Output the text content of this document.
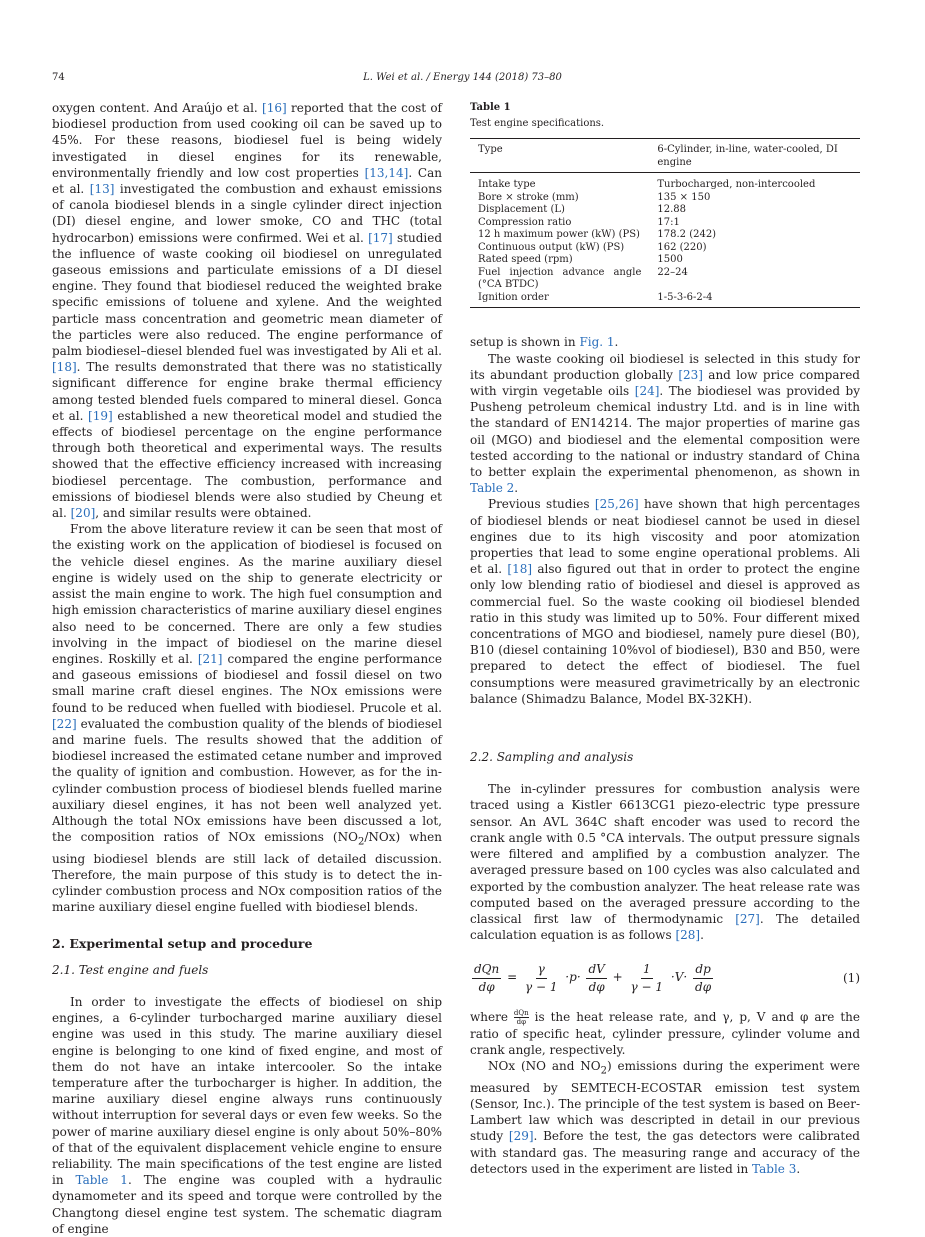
74	L. Wei et al. / Energy 144 (2018) 73–80

oxygen content. And Araújo et al. [16] reported that the cost of biodiesel production from used cooking oil can be saved up to 45%. For these reasons, biodiesel fuel is being widely investigated in diesel engines for its renewable, environmentally friendly and low cost properties [13,14]. Can et al. [13] investigated the combustion and exhaust emissions of canola biodiesel blends in a single cylinder direct injection (DI) diesel engine, and lower smoke, CO and THC (total hydrocarbon) emissions were confirmed. Wei et al. [17] studied the influence of waste cooking oil biodiesel on unregulated gaseous emissions and particulate emissions of a DI diesel engine. They found that biodiesel reduced the weighted brake specific emissions of toluene and xylene. And the weighted particle mass concentration and geometric mean diameter of the particles were also reduced. The engine performance of palm biodiesel–diesel blended fuel was investigated by Ali et al. [18]. The results demonstrated that there was no statistically significant difference for engine brake thermal efficiency among tested blended fuels compared to mineral diesel. Gonca et al. [19] established a new theoretical model and studied the effects of biodiesel percentage on the engine performance through both theoretical and experimental ways. The results showed that the effective efficiency increased with increasing biodiesel percentage. The combustion, performance and emissions of biodiesel blends were also studied by Cheung et al. [20], and similar results were obtained.

From the above literature review it can be seen that most of the existing work on the application of biodiesel is focused on the vehicle diesel engines. As the marine auxiliary diesel engine is widely used on the ship to generate electricity or assist the main engine to work. The high fuel consumption and high emission characteristics of marine auxiliary diesel engines also need to be concerned. There are only a few studies involving in the impact of biodiesel on the marine diesel engines. Roskilly et al. [21] compared the engine performance and gaseous emissions of biodiesel and fossil diesel on two small marine craft diesel engines. The NOx emissions were found to be reduced when fuelled with biodiesel. Prucole et al. [22] evaluated the combustion quality of the blends of biodiesel and marine fuels. The results showed that the addition of biodiesel increased the estimated cetane number and improved the quality of ignition and combustion. However, as for the in-cylinder combustion process of biodiesel blends fuelled marine auxiliary diesel engines, it has not been well analyzed yet. Although the total NOx emissions have been discussed a lot, the composition ratios of NOx emissions $(NO_2/NOx)$ when using biodiesel blends are still lack of detailed discussion. Therefore, the main purpose of this study is to detect the in-cylinder combustion process and NOx composition ratios of the marine auxiliary diesel engine fuelled with biodiesel blends.

2. Experimental setup and procedure
2.1. Test engine and fuels

In order to investigate the effects of biodiesel on ship engines, a 6-cylinder turbocharged marine auxiliary diesel engine was used in this study. The marine auxiliary diesel engine is belonging to one kind of fixed engine, and most of them do not have an intake intercooler. So the intake temperature after the turbocharger is higher. In addition, the marine auxiliary diesel engine always runs continuously without interruption for several days or even few weeks. So the power of marine auxiliary diesel engine is only about 50%–80% of that of the equivalent displacement vehicle engine to ensure reliability. The main specifications of the test engine are listed in Table 1. The engine was coupled with a hydraulic dynamometer and its speed and torque were controlled by the Changtong diesel engine test system. The schematic diagram of engine

Table 1
Test engine specifications.
Type	6-Cylinder, in-line, water-cooled, DI engine
Intake type	Turbocharged, non-intercooled
Bore × stroke (mm)	135 × 150
Displacement (L)	12.88
Compression ratio	17:1
12 h maximum power (kW) (PS)	178.2 (242)
Continuous output (kW) (PS)	162 (220)
Rated speed (rpm)	1500
Fuel injection advance angle (°CA BTDC)	22–24
Ignition order	1-5-3-6-2-4

setup is shown in Fig. 1.

The waste cooking oil biodiesel is selected in this study for its abundant production globally [23] and low price compared with virgin vegetable oils [24]. The biodiesel was provided by Pusheng petroleum chemical industry Ltd. and is in line with the standard of EN14214. The major properties of marine gas oil (MGO) and biodiesel and the elemental composition were tested according to the national or industry standard of China to better explain the experimental phenomenon, as shown in Table 2.

Previous studies [25,26] have shown that high percentages of biodiesel blends or neat biodiesel cannot be used in diesel engines due to its high viscosity and poor atomization properties that lead to some engine operational problems. Ali et al. [18] also figured out that in order to protect the engine only low blending ratio of biodiesel and diesel is approved as commercial fuel. So the waste cooking oil biodiesel blended ratio in this study was limited up to 50%. Four different mixed concentrations of MGO and biodiesel, namely pure diesel (B0), B10 (diesel containing 10%vol of biodiesel), B30 and B50, were prepared to detect the effect of biodiesel. The fuel consumptions were measured gravimetrically by an electronic balance (Shimadzu Balance, Model BX-32KH).

2.2. Sampling and analysis

The in-cylinder pressures for combustion analysis were traced using a Kistler 6613CG1 piezo-electric type pressure sensor. An AVL 364C shaft encoder was used to record the crank angle with 0.5 °CA intervals. The output pressure signals were filtered and amplified by a combustion analyzer. The averaged pressure based on 100 cycles was also calculated and exported by the combustion analyzer. The heat release rate was computed based on the averaged pressure according to the classical first law of thermodynamic [27]. The detailed calculation equation is as follows [28].

$\frac{\text{dQn}}{d\varphi} = \frac{\gamma}{\gamma - 1} \cdot p\cdot \frac{dV}{d\varphi} + \frac{1}{\gamma - 1} \cdot V\cdot \frac{dp}{d\varphi}$	(1)

where $\frac{\text{dQn}}{d\varphi}$ is the heat release rate, and γ, p, V and φ are the ratio of specific heat, cylinder pressure, cylinder volume and crank angle, respectively.

NOx (NO and $NO_2$) emissions during the experiment were measured by SEMTECH-ECOSTAR emission test system (Sensor, Inc.). The principle of the test system is based on Beer-Lambert law which was descripted in detail in our previous study [29]. Before the test, the gas detectors were calibrated with standard gas. The measuring range and accuracy of the detectors used in the experiment are listed in Table 3.
